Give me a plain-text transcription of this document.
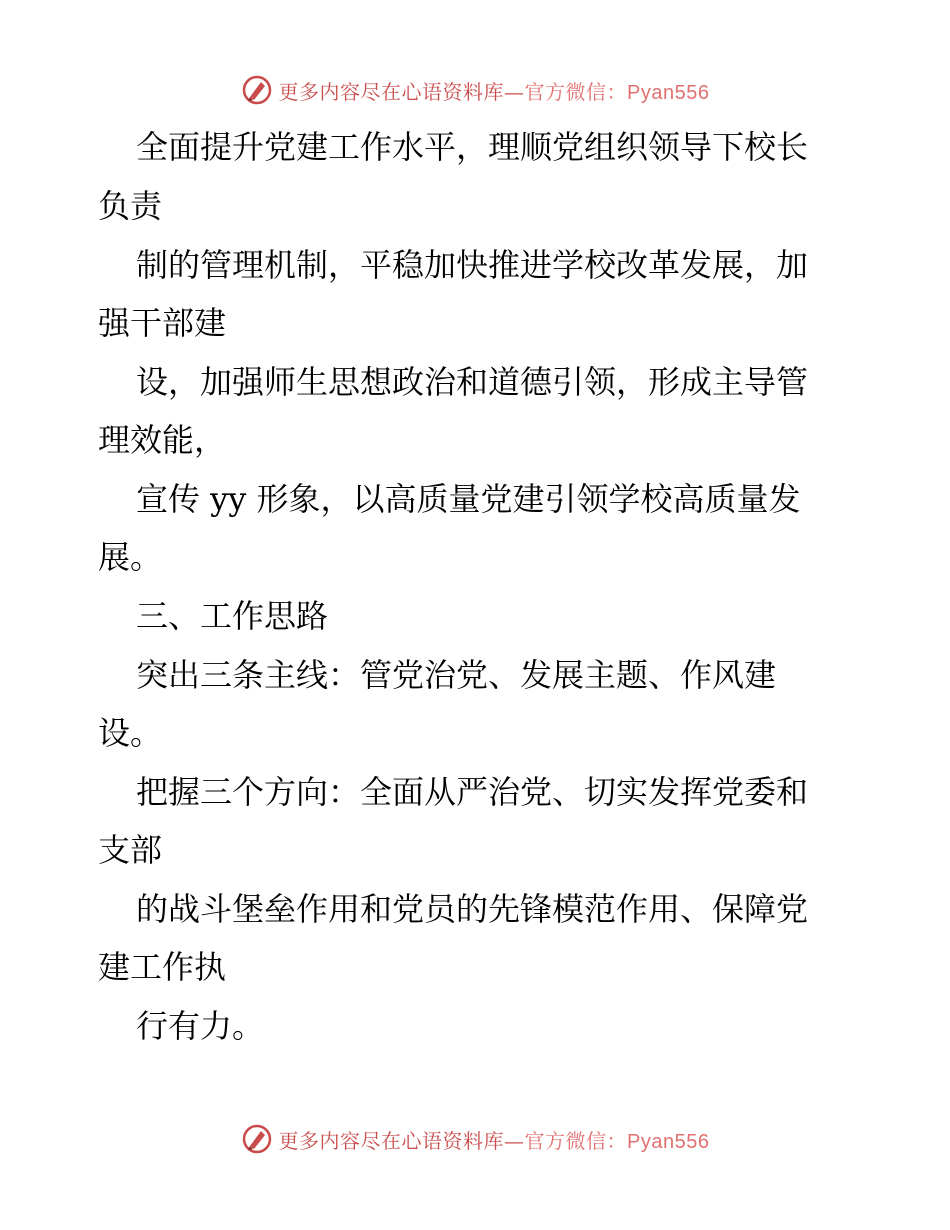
更多内容尽在心语资料库—官方微信：Pyan556
全面提升党建工作水平，理顺党组织领导下校长
负责
制的管理机制，平稳加快推进学校改革发展，加
强干部建
设，加强师生思想政治和道德引领，形成主导管
理效能，
宣传 yy 形象，以高质量党建引领学校高质量发
展。
三、工作思路
突出三条主线：管党治党、发展主题、作风建
设。
把握三个方向：全面从严治党、切实发挥党委和
支部
的战斗堡垒作用和党员的先锋模范作用、保障党
建工作执
行有力。
更多内容尽在心语资料库—官方微信：Pyan556
